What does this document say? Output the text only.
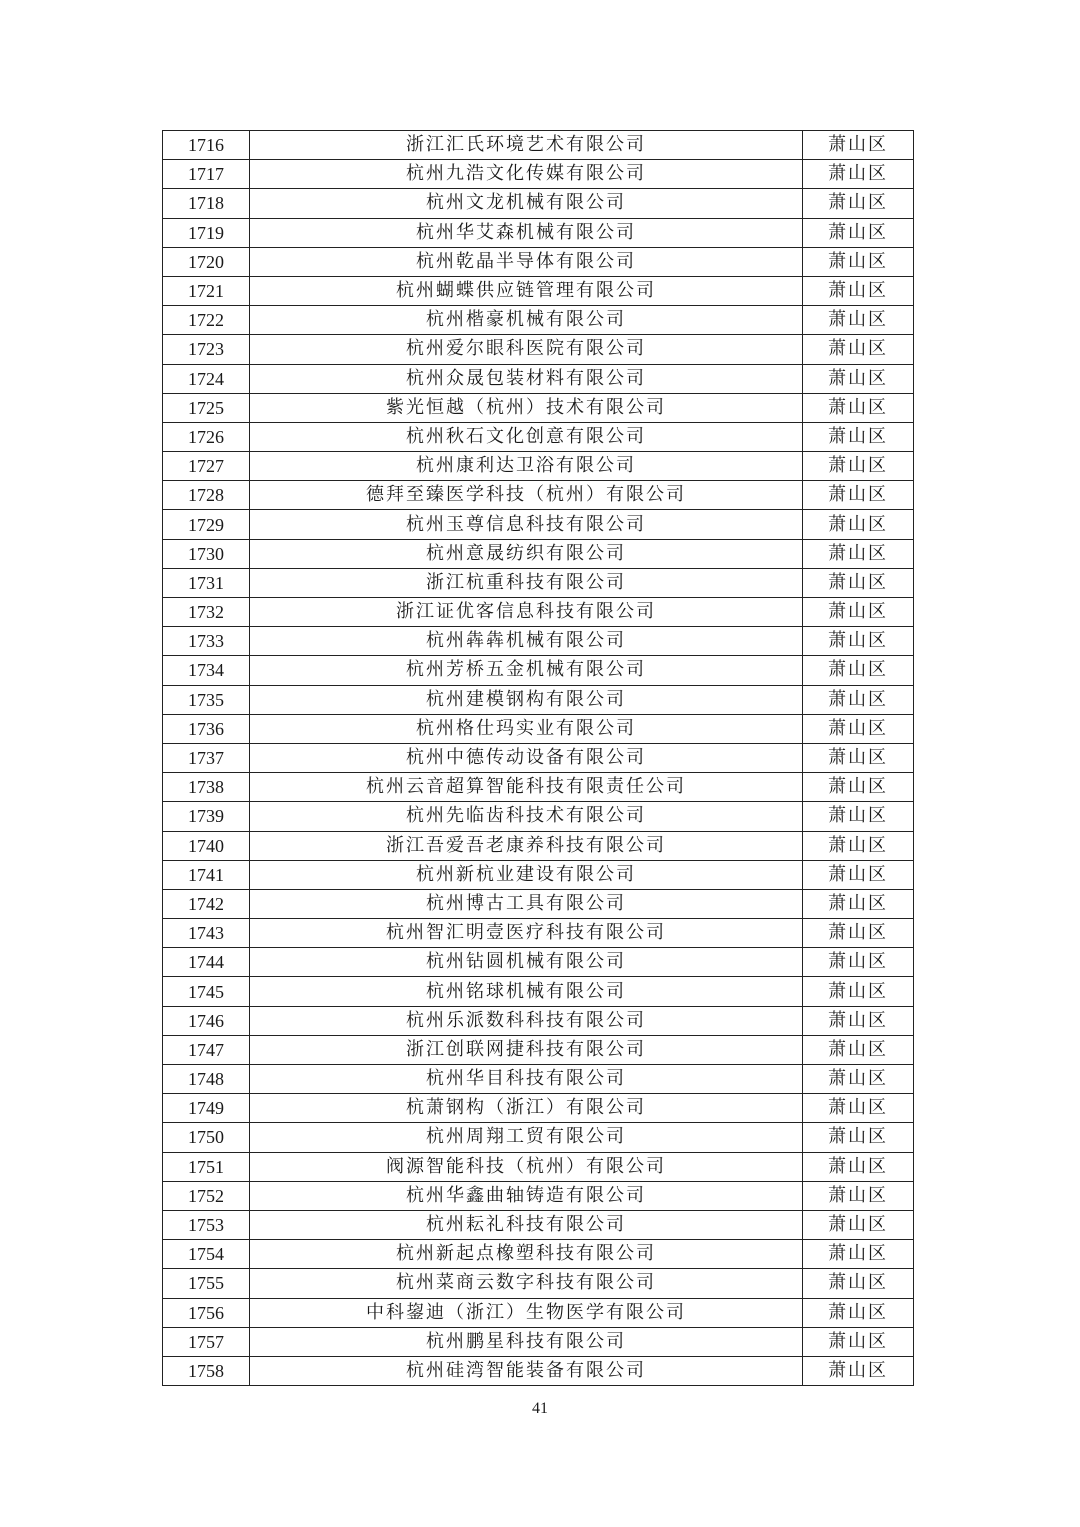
1716	浙江汇氏环境艺术有限公司	萧山区
1717	杭州九浩文化传媒有限公司	萧山区
1718	杭州文龙机械有限公司	萧山区
1719	杭州华艾森机械有限公司	萧山区
1720	杭州乾晶半导体有限公司	萧山区
1721	杭州蝴蝶供应链管理有限公司	萧山区
1722	杭州楷豪机械有限公司	萧山区
1723	杭州爱尔眼科医院有限公司	萧山区
1724	杭州众晟包装材料有限公司	萧山区
1725	紫光恒越（杭州）技术有限公司	萧山区
1726	杭州秋石文化创意有限公司	萧山区
1727	杭州康利达卫浴有限公司	萧山区
1728	德拜至臻医学科技（杭州）有限公司	萧山区
1729	杭州玉尊信息科技有限公司	萧山区
1730	杭州意晟纺织有限公司	萧山区
1731	浙江杭重科技有限公司	萧山区
1732	浙江证优客信息科技有限公司	萧山区
1733	杭州犇犇机械有限公司	萧山区
1734	杭州芳桥五金机械有限公司	萧山区
1735	杭州建模钢构有限公司	萧山区
1736	杭州格仕玛实业有限公司	萧山区
1737	杭州中德传动设备有限公司	萧山区
1738	杭州云音超算智能科技有限责任公司	萧山区
1739	杭州先临齿科技术有限公司	萧山区
1740	浙江吾爱吾老康养科技有限公司	萧山区
1741	杭州新杭业建设有限公司	萧山区
1742	杭州博古工具有限公司	萧山区
1743	杭州智汇明壹医疗科技有限公司	萧山区
1744	杭州钻圆机械有限公司	萧山区
1745	杭州铭球机械有限公司	萧山区
1746	杭州乐派数科科技有限公司	萧山区
1747	浙江创联网捷科技有限公司	萧山区
1748	杭州华目科技有限公司	萧山区
1749	杭萧钢构（浙江）有限公司	萧山区
1750	杭州周翔工贸有限公司	萧山区
1751	阀源智能科技（杭州）有限公司	萧山区
1752	杭州华鑫曲轴铸造有限公司	萧山区
1753	杭州耘礼科技有限公司	萧山区
1754	杭州新起点橡塑科技有限公司	萧山区
1755	杭州菜商云数字科技有限公司	萧山区
1756	中科鋆迪（浙江）生物医学有限公司	萧山区
1757	杭州鹏星科技有限公司	萧山区
1758	杭州硅湾智能装备有限公司	萧山区
41
